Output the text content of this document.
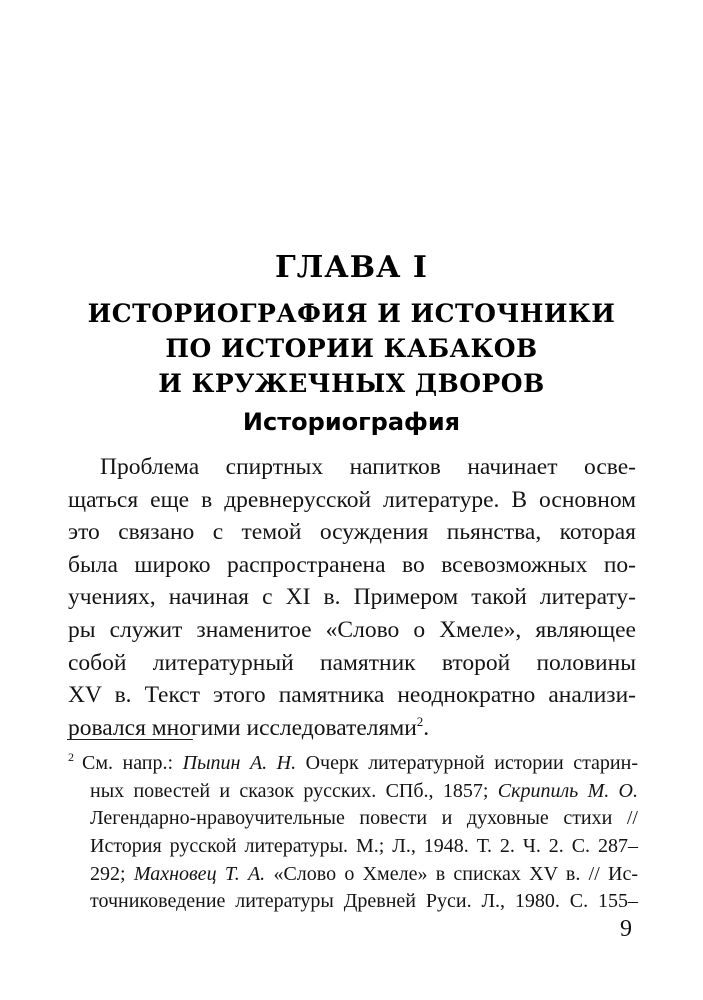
ГЛАВА I
ИСТОРИОГРАФИЯ И ИСТОЧНИКИ
ПО ИСТОРИИ КАБАКОВ
И КРУЖЕЧНЫХ ДВОРОВ
Историография
Проблема спиртных напитков начинает осве-
щаться еще в древнерусской литературе. В основном
это связано с темой осуждения пьянства, которая
была широко распространена во всевозможных по-
учениях, начиная с XI в. Примером такой литерату-
ры служит знаменитое «Слово о Хмеле», являющее
собой литературный памятник второй половины
XV в. Текст этого памятника неоднократно анализи-
ровался многими исследователями$^2$.
$^2$ См. напр.: Пыпин А. Н. Очерк литературной истории старин-
ных повестей и сказок русских. СПб., 1857; Скрипиль М. О.
Легендарно-нравоучительные повести и духовные стихи //
История русской литературы. М.; Л., 1948. Т. 2. Ч. 2. С. 287–
292; Махновец Т. А. «Слово о Хмеле» в списках XV в. // Ис-
точниковедение литературы Древней Руси. Л., 1980. С. 155–
9
